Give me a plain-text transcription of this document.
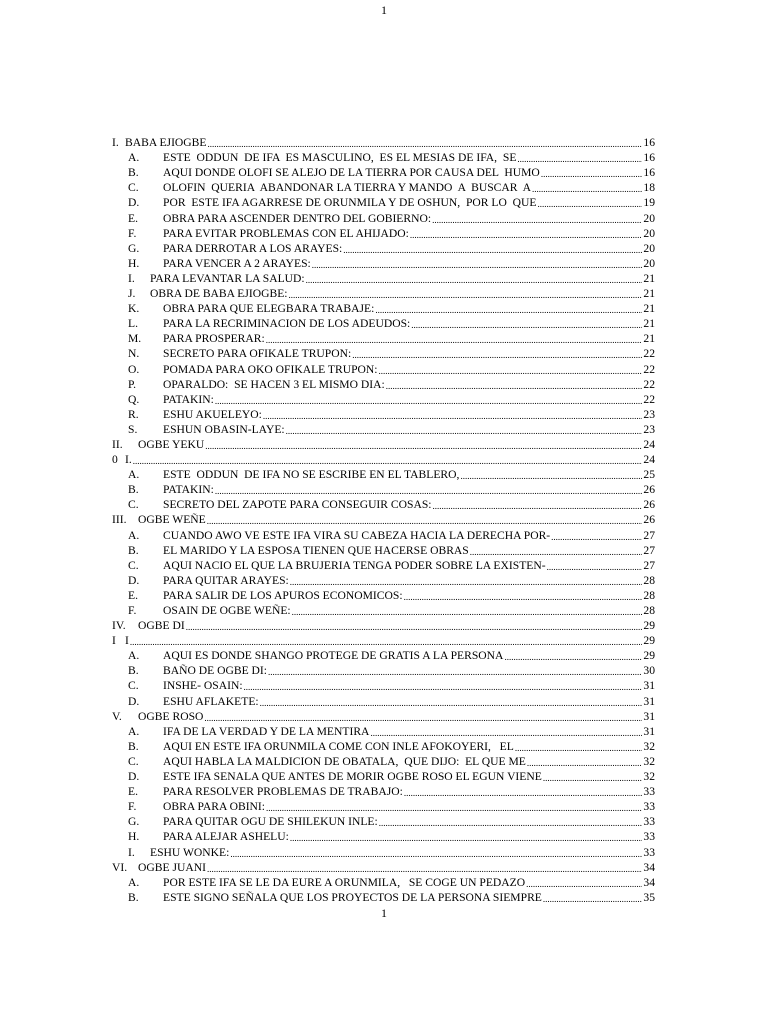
1
I. BABA EJIOGBE .....	16
A. ESTE  ODDUN  DE IFA  ES MASCULINO,  ES EL MESIAS DE IFA,  SE .....	16
B. AQUI DONDE OLOFI SE ALEJO DE LA TIERRA POR CAUSA DEL  HUMO .....	16
C. OLOFIN  QUERIA  ABANDONAR LA TIERRA Y MANDO  A  BUSCAR  A .....	18
D. POR  ESTE IFA AGARRESE DE ORUNMILA Y DE OSHUN,  POR LO  QUE .....	19
E. OBRA PARA ASCENDER DENTRO DEL GOBIERNO: .....	20
F. PARA EVITAR PROBLEMAS CON EL AHIJADO: .....	20
G. PARA DERROTAR A LOS ARAYES: .....	20
H. PARA VENCER A 2 ARAYES: .....	20
I. PARA LEVANTAR LA SALUD: .....	21
J. OBRA DE BABA EJIOGBE: .....	21
K. OBRA PARA QUE ELEGBARA TRABAJE: .....	21
L. PARA LA RECRIMINACION DE LOS ADEUDOS: .....	21
M. PARA PROSPERAR: .....	21
N. SECRETO PARA OFIKALE TRUPON: .....	22
O. POMADA PARA OKO OFIKALE TRUPON: .....	22
P. OPARALDO:  SE HACEN 3 EL MISMO DIA: .....	22
Q. PATAKIN: .....	22
R. ESHU AKUELEYO: .....	23
S. ESHUN OBASIN-LAYE: .....	23
II. OGBE YEKU .....	24
0 I. .....	24
A. ESTE  ODDUN  DE IFA NO SE ESCRIBE EN EL TABLERO, .....	25
B. PATAKIN: .....	26
C. SECRETO DEL ZAPOTE PARA CONSEGUIR COSAS: .....	26
III. OGBE WEÑE .....	26
A. CUANDO AWO VE ESTE IFA VIRA SU CABEZA HACIA LA DERECHA POR- .....	27
B. EL MARIDO Y LA ESPOSA TIENEN QUE HACERSE OBRAS .....	27
C. AQUI NACIO EL QUE LA BRUJERIA TENGA PODER SOBRE LA EXISTEN- .....	27
D. PARA QUITAR ARAYES: .....	28
E. PARA SALIR DE LOS APUROS ECONOMICOS: .....	28
F. OSAIN DE OGBE WEÑE: .....	28
IV. OGBE DI .....	29
I I .....	29
A. AQUI ES DONDE SHANGO PROTEGE DE GRATIS A LA PERSONA .....	29
B. BAÑO DE OGBE DI: .....	30
C. INSHE- OSAIN: .....	31
D. ESHU AFLAKETE: .....	31
V. OGBE ROSO .....	31
A. IFA DE LA VERDAD Y DE LA MENTIRA .....	31
B. AQUI EN ESTE IFA ORUNMILA COME CON INLE AFOKOYERI,   EL .....	32
C. AQUI HABLA LA MALDICION DE OBATALA,  QUE DIJO:  EL QUE ME .....	32
D. ESTE IFA SENALA QUE ANTES DE MORIR OGBE ROSO EL EGUN VIENE .....	32
E. PARA RESOLVER PROBLEMAS DE TRABAJO: .....	33
F. OBRA PARA OBINI: .....	33
G. PARA QUITAR OGU DE SHILEKUN INLE: .....	33
H. PARA ALEJAR ASHELU: .....	33
I. ESHU WONKE: .....	33
VI. OGBE JUANI .....	34
A. POR ESTE IFA SE LE DA EURE A ORUNMILA,   SE COGE UN PEDAZO .....	34
B. ESTE SIGNO SEÑALA QUE LOS PROYECTOS DE LA PERSONA SIEMPRE .....	35
1
